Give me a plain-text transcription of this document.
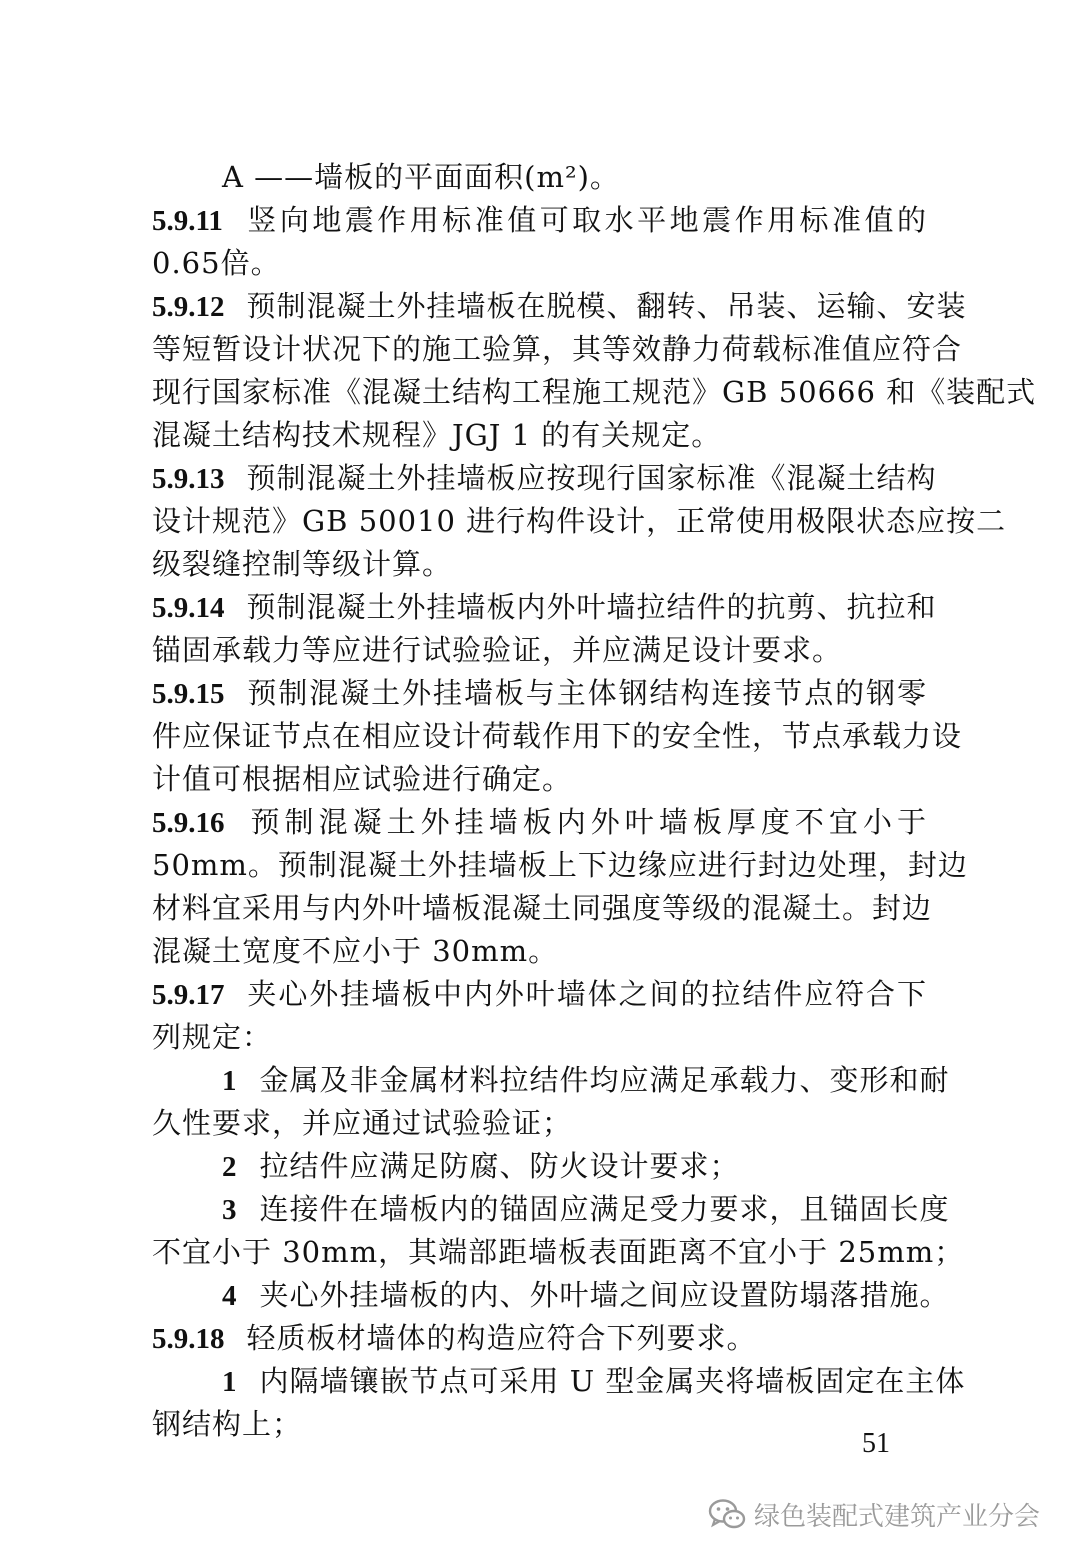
A ——墙板的平面面积(m²)。
5.9.11 竖向地震作用标准值可取水平地震作用标准值的
0.65倍。
5.9.12 预制混凝土外挂墙板在脱模、翻转、吊装、运输、安装
等短暂设计状况下的施工验算，其等效静力荷载标准值应符合
现行国家标准《混凝土结构工程施工规范》GB 50666 和《装配式
混凝土结构技术规程》JGJ 1 的有关规定。
5.9.13 预制混凝土外挂墙板应按现行国家标准《混凝土结构
设计规范》GB 50010 进行构件设计，正常使用极限状态应按二
级裂缝控制等级计算。
5.9.14 预制混凝土外挂墙板内外叶墙拉结件的抗剪、抗拉和
锚固承载力等应进行试验验证，并应满足设计要求。
5.9.15 预制混凝土外挂墙板与主体钢结构连接节点的钢零
件应保证节点在相应设计荷载作用下的安全性，节点承载力设
计值可根据相应试验进行确定。
5.9.16 预制混凝土外挂墙板内外叶墙板厚度不宜小于
50mm。预制混凝土外挂墙板上下边缘应进行封边处理，封边
材料宜采用与内外叶墙板混凝土同强度等级的混凝土。封边
混凝土宽度不应小于 30mm。
5.9.17 夹心外挂墙板中内外叶墙体之间的拉结件应符合下
列规定：
1 金属及非金属材料拉结件均应满足承载力、变形和耐
久性要求，并应通过试验验证；
2 拉结件应满足防腐、防火设计要求；
3 连接件在墙板内的锚固应满足受力要求，且锚固长度
不宜小于 30mm，其端部距墙板表面距离不宜小于 25mm；
4 夹心外挂墙板的内、外叶墙之间应设置防塌落措施。
5.9.18 轻质板材墙体的构造应符合下列要求。
1 内隔墙镶嵌节点可采用 U 型金属夹将墙板固定在主体
钢结构上；
51
绿色装配式建筑产业分会
